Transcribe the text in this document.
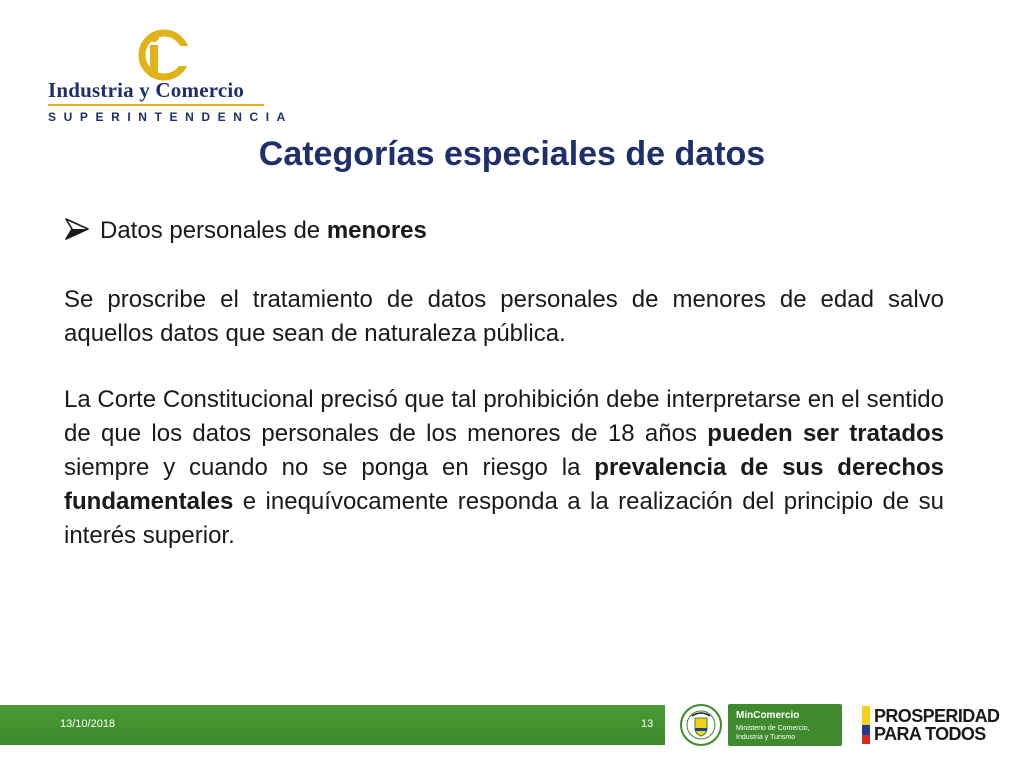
Industria y Comercio
SUPERINTENDENCIA
Categorías especiales de datos
Datos personales de menores

Se proscribe el tratamiento de datos personales de menores de edad salvo aquellos datos que sean de naturaleza pública.

La Corte Constitucional precisó que tal prohibición debe interpretarse en el sentido de que los datos personales de los menores de 18 años pueden ser tratados siempre y cuando no se ponga en riesgo la prevalencia de sus derechos fundamentales e inequívocamente responda a la realización del principio de su interés superior.

13/10/2018	13
MinComercio
Ministerio de Comercio, Industria y Turismo
PROSPERIDAD
PARA TODOS
